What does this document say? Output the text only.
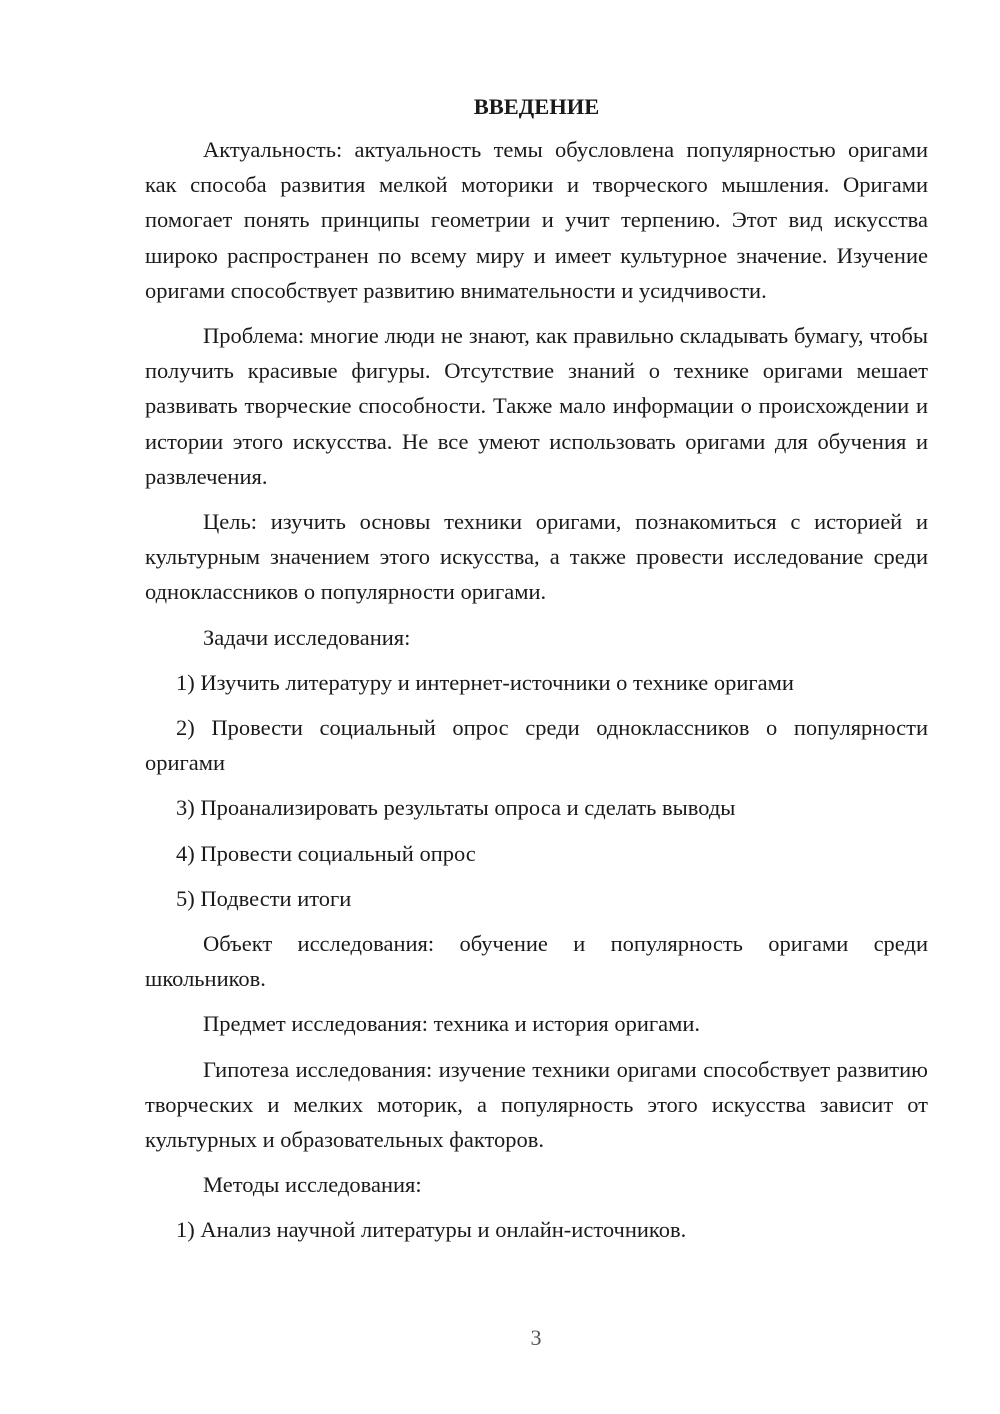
ВВЕДЕНИЕ

Актуальность: актуальность темы обусловлена популярностью оригами как способа развития мелкой моторики и творческого мышления. Оригами помогает понять принципы геометрии и учит терпению. Этот вид искусства широко распространен по всему миру и имеет культурное значение. Изучение оригами способствует развитию внимательности и усидчивости.

Проблема: многие люди не знают, как правильно складывать бумагу, чтобы получить красивые фигуры. Отсутствие знаний о технике оригами мешает развивать творческие способности. Также мало информации о происхождении и истории этого искусства. Не все умеют использовать оригами для обучения и развлечения.

Цель: изучить основы техники оригами, познакомиться с историей и культурным значением этого искусства, а также провести исследование среди одноклассников о популярности оригами.

Задачи исследования:

1) Изучить литературу и интернет-источники о технике оригами

2) Провести социальный опрос среди одноклассников о популярности оригами

3) Проанализировать результаты опроса и сделать выводы

4) Провести социальный опрос

5) Подвести итоги

Объект исследования: обучение и популярность оригами среди школьников.

Предмет исследования: техника и история оригами.

Гипотеза исследования: изучение техники оригами способствует развитию творческих и мелких моторик, а популярность этого искусства зависит от культурных и образовательных факторов.

Методы исследования:

1) Анализ научной литературы и онлайн-источников.

3
